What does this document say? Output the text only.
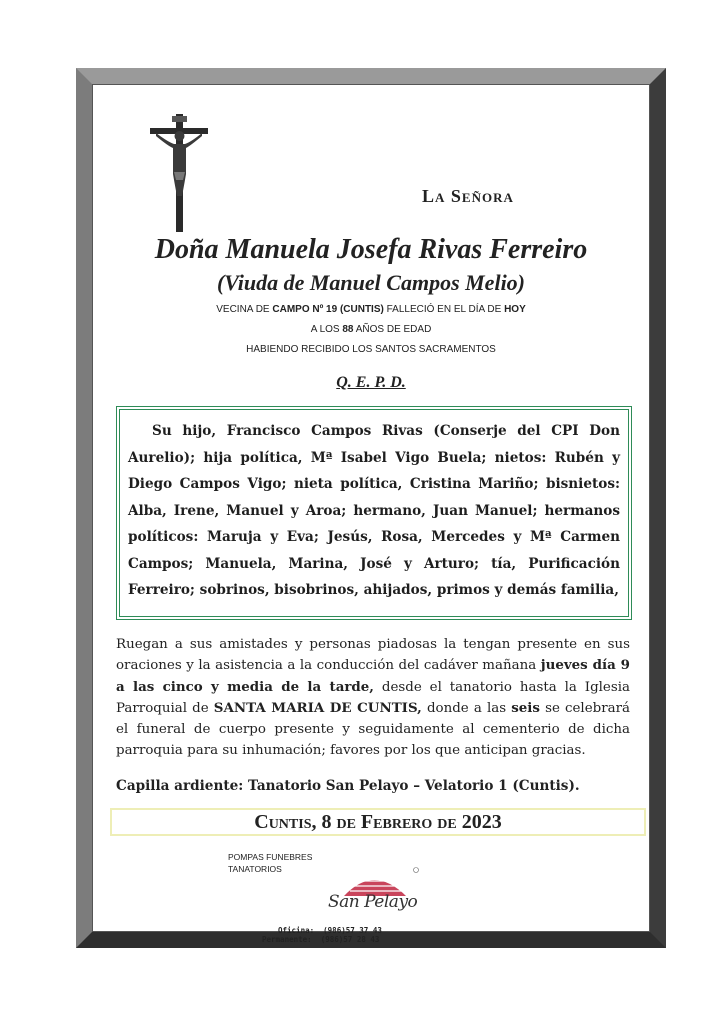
La Señora
Doña Manuela Josefa Rivas Ferreiro
(Viuda de Manuel Campos Melio)
VECINA DE CAMPO Nº 19 (CUNTIS) FALLECIÓ EN EL DÍA DE HOY
A LOS 88 AÑOS DE EDAD
HABIENDO RECIBIDO LOS SANTOS SACRAMENTOS
Q. E. P. D.

Su hijo, Francisco Campos Rivas (Conserje del CPI Don Aurelio); hija política, Mª Isabel Vigo Buela; nietos: Rubén y Diego Campos Vigo; nieta política, Cristina Mariño; bisnietos: Alba, Irene, Manuel y Aroa; hermano, Juan Manuel; hermanos políticos: Maruja y Eva; Jesús, Rosa, Mercedes y Mª Carmen Campos; Manuela, Marina, José y Arturo; tía, Purificación Ferreiro; sobrinos, bisobrinos, ahijados, primos y demás familia,

Ruegan a sus amistades y personas piadosas la tengan presente en sus oraciones y la asistencia a la conducción del cadáver mañana jueves día 9 a las cinco y media de la tarde, desde el tanatorio hasta la Iglesia Parroquial de SANTA MARIA DE CUNTIS, donde a las seis se celebrará el funeral de cuerpo presente y seguidamente al cementerio de dicha parroquia para su inhumación; favores por los que anticipan gracias.

Capilla ardiente: Tanatorio San Pelayo – Velatorio 1 (Cuntis).
Cuntis, 8 de Febrero de 2023
POMPAS FUNEBRES
TANATORIOS
San Pelayo
Oficina: (986)57 37 43
Permanente: (986)57 28 43
